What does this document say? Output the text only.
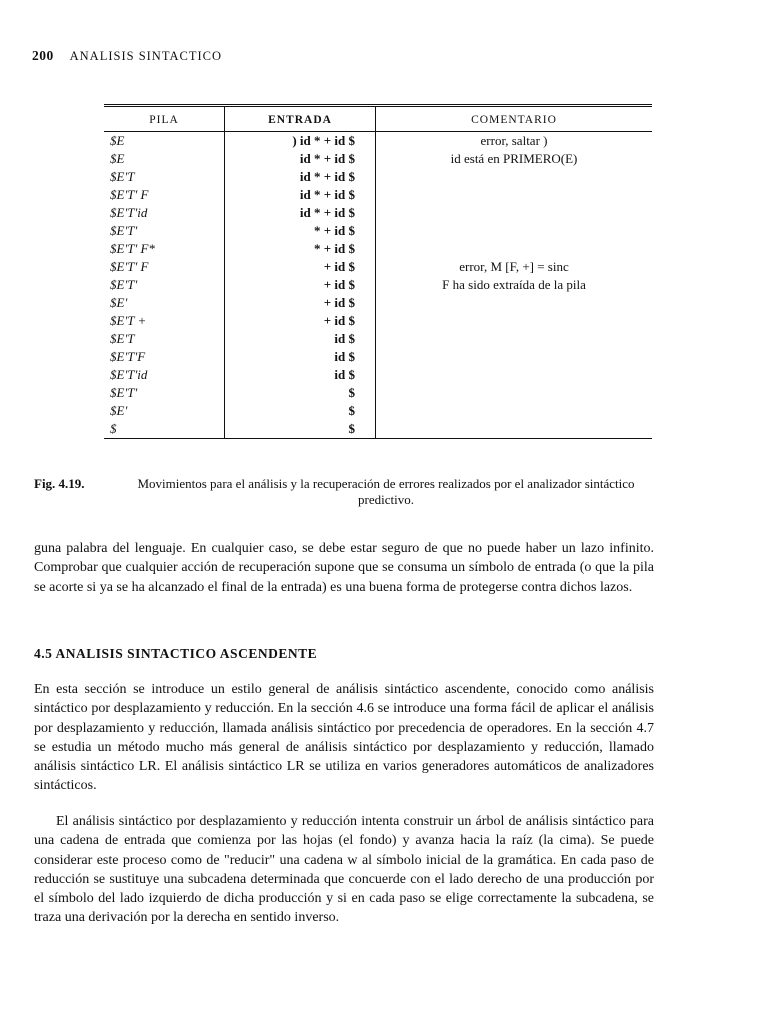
200 ANALISIS SINTACTICO
PILA	ENTRADA	COMENTARIO
$E	) id * + id $	error, saltar )
$E	id * + id $	id está en PRIMERO(E)
$E'T	id * + id $	
$E'T' F	id * + id $	
$E'T'id	id * + id $	
$E'T'	* + id $	
$E'T' F*	* + id $	
$E'T' F	+ id $	error, M [F, +] = sinc
$E'T'	+ id $	F ha sido extraída de la pila
$E'	+ id $	
$E'T +	+ id $	
$E'T	id $	
$E'T'F	id $	
$E'T'id	id $	
$E'T'	$	
$E'	$	
$	$	
Fig. 4.19.	Movimientos para el análisis y la recuperación de errores realizados por el analizador sintáctico predictivo.

guna palabra del lenguaje. En cualquier caso, se debe estar seguro de que no puede haber un lazo infinito. Comprobar que cualquier acción de recuperación supone que se consuma un símbolo de entrada (o que la pila se acorte si ya se ha alcanzado el final de la entrada) es una buena forma de protegerse contra dichos lazos.

4.5 ANALISIS SINTACTICO ASCENDENTE

En esta sección se introduce un estilo general de análisis sintáctico ascendente, conocido como análisis sintáctico por desplazamiento y reducción. En la sección 4.6 se introduce una forma fácil de aplicar el análisis por desplazamiento y reducción, llamada análisis sintáctico por precedencia de operadores. En la sección 4.7 se estudia un método mucho más general de análisis sintáctico por desplazamiento y reducción, llamado análisis sintáctico LR. El análisis sintáctico LR se utiliza en varios generadores automáticos de analizadores sintácticos.

El análisis sintáctico por desplazamiento y reducción intenta construir un árbol de análisis sintáctico para una cadena de entrada que comienza por las hojas (el fondo) y avanza hacia la raíz (la cima). Se puede considerar este proceso como de "reducir" una cadena w al símbolo inicial de la gramática. En cada paso de reducción se sustituye una subcadena determinada que concuerde con el lado derecho de una producción por el símbolo del lado izquierdo de dicha producción y si en cada paso se elige correctamente la subcadena, se traza una derivación por la derecha en sentido inverso.
